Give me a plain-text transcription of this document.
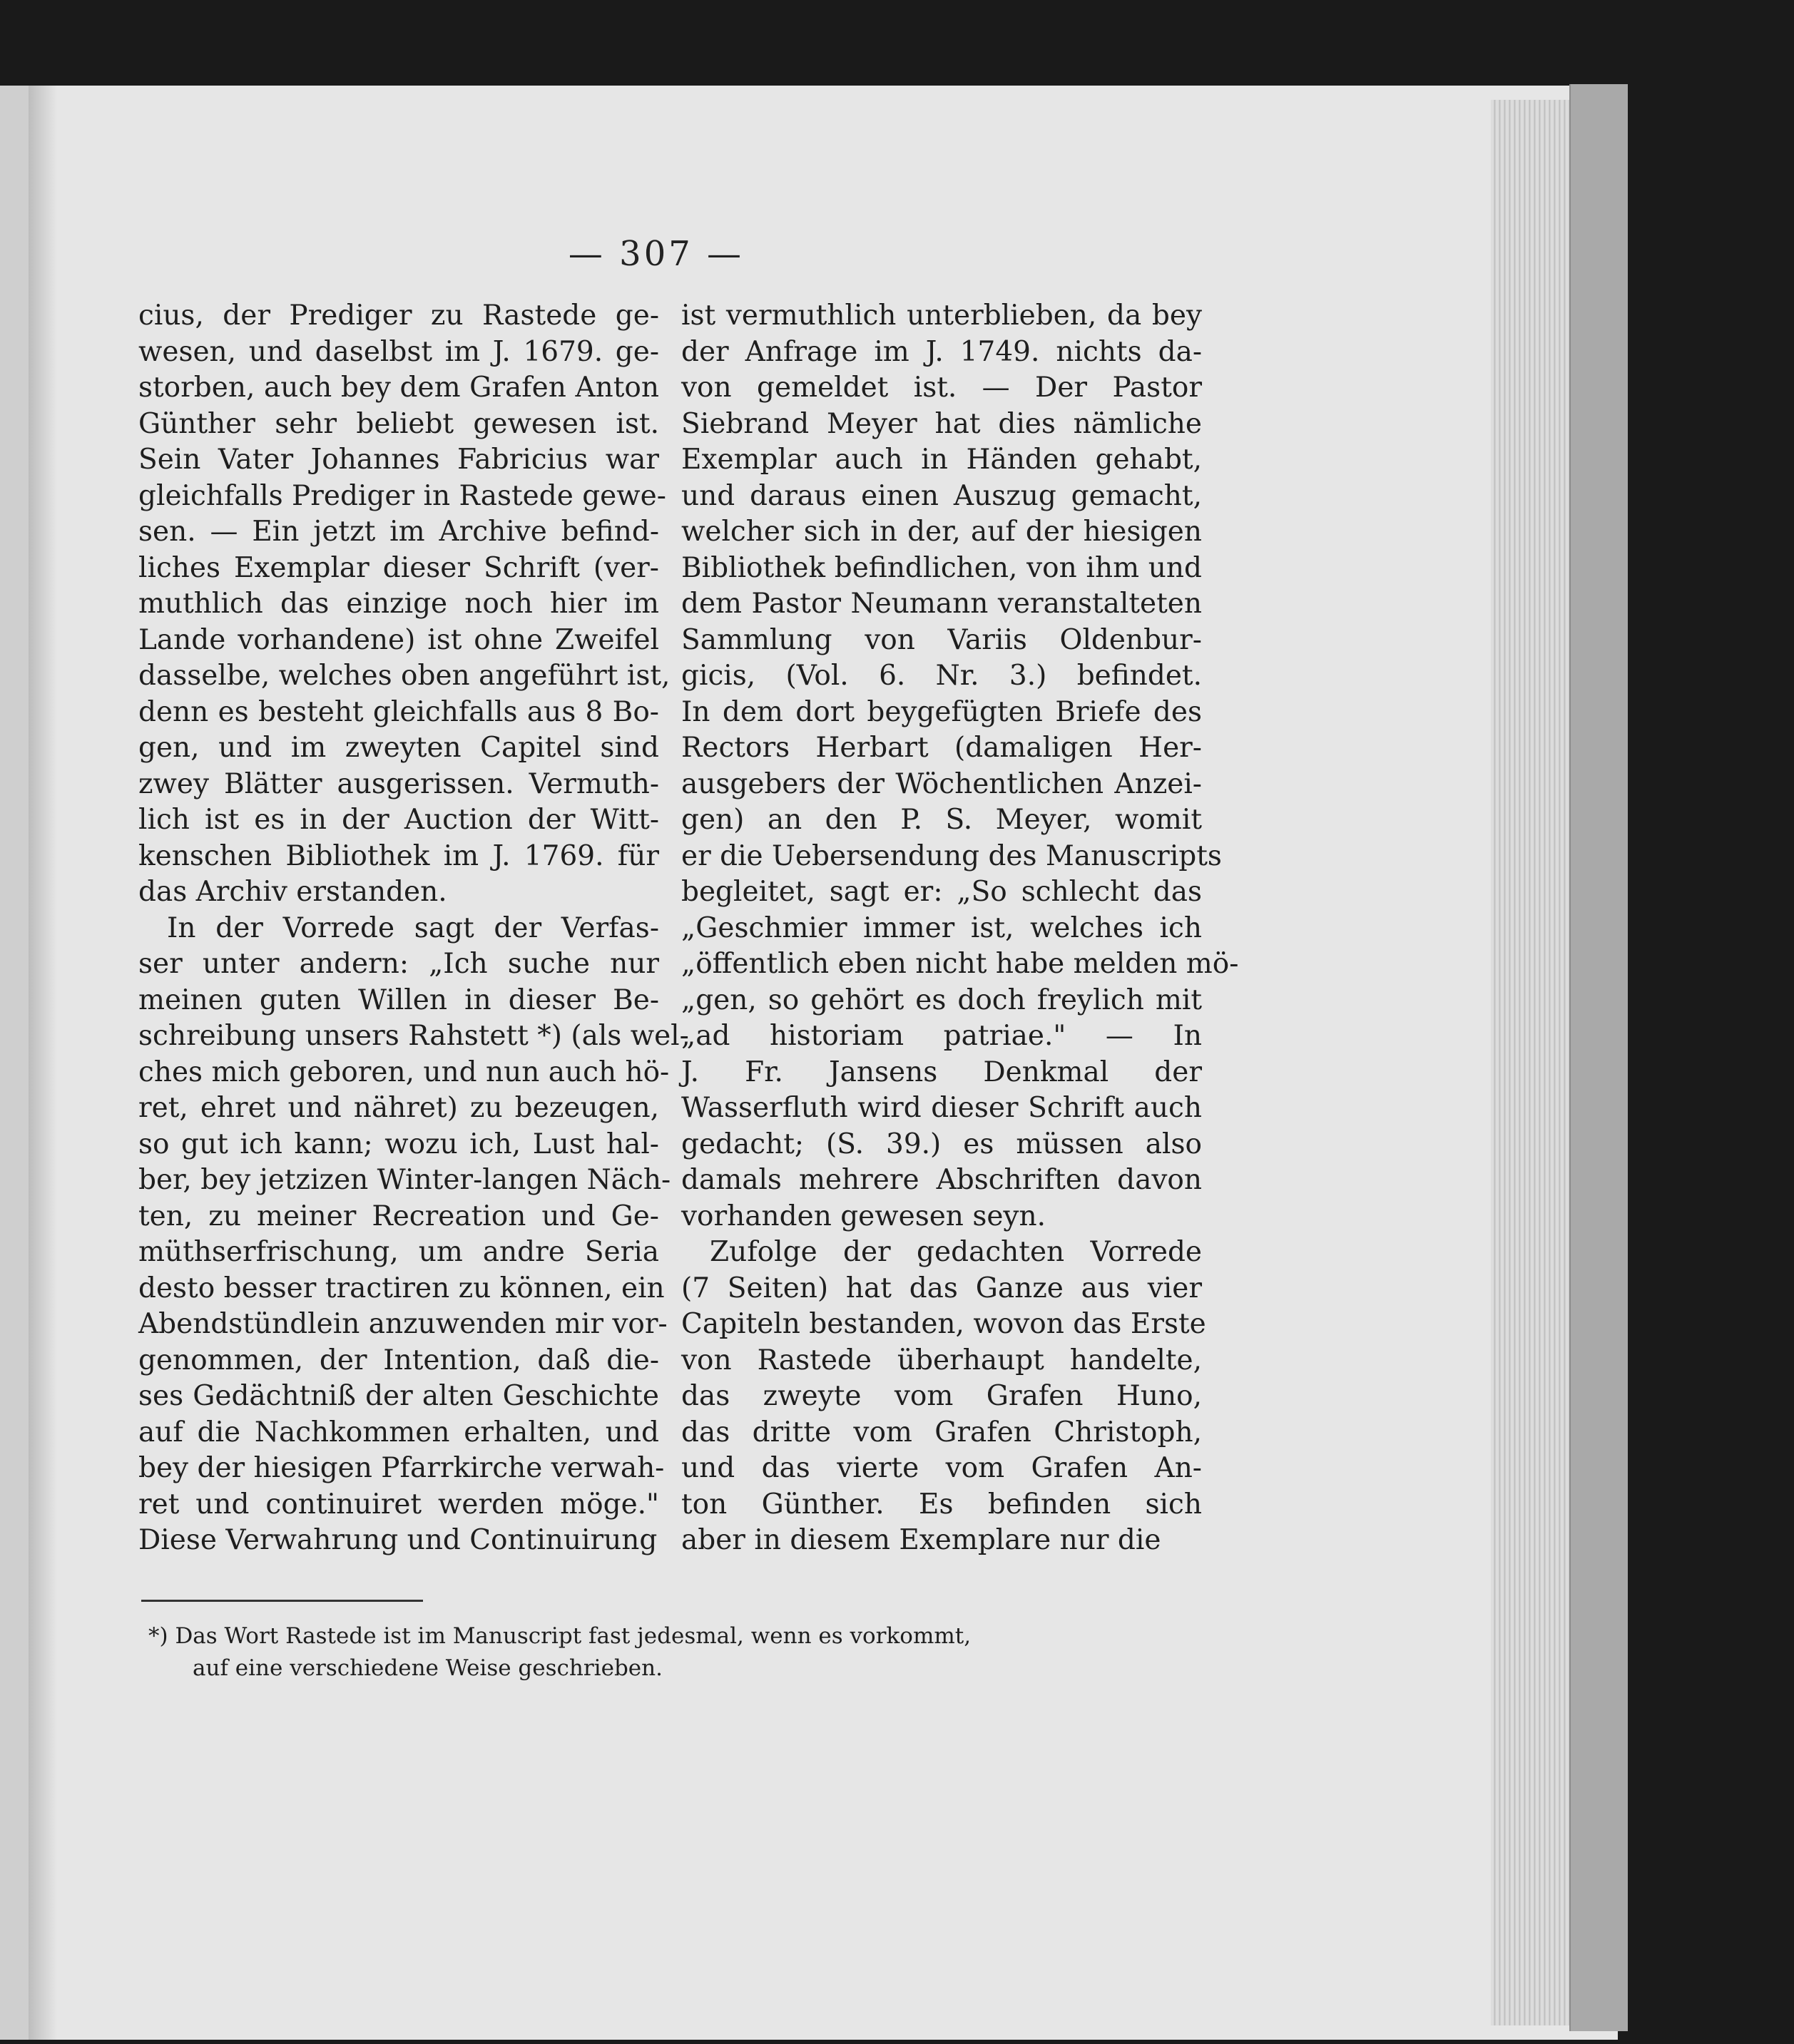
— 307 —
cius, der Prediger zu Rastede ge-
wesen, und daselbst im J. 1679. ge-
storben, auch bey dem Grafen Anton
Günther sehr beliebt gewesen ist.
Sein Vater Johannes Fabricius war
gleichfalls Prediger in Rastede gewe-
sen. — Ein jetzt im Archive befind-
liches Exemplar dieser Schrift (ver-
muthlich das einzige noch hier im
Lande vorhandene) ist ohne Zweifel
dasselbe, welches oben angeführt ist,
denn es besteht gleichfalls aus 8 Bo-
gen, und im zweyten Capitel sind
zwey Blätter ausgerissen. Vermuth-
lich ist es in der Auction der Witt-
kenschen Bibliothek im J. 1769. für
das Archiv erstanden.
In der Vorrede sagt der Verfas-
ser unter andern: „Ich suche nur
meinen guten Willen in dieser Be-
schreibung unsers Rahstett *) (als wel-
ches mich geboren, und nun auch hö-
ret, ehret und nähret) zu bezeugen,
so gut ich kann; wozu ich, Lust hal-
ber, bey jetzizen Winter-langen Näch-
ten, zu meiner Recreation und Ge-
müthserfrischung, um andre Seria
desto besser tractiren zu können, ein
Abendstündlein anzuwenden mir vor-
genommen, der Intention, daß die-
ses Gedächtniß der alten Geschichte
auf die Nachkommen erhalten, und
bey der hiesigen Pfarrkirche verwah-
ret und continuiret werden möge."
Diese Verwahrung und Continuirung
ist vermuthlich unterblieben, da bey
der Anfrage im J. 1749. nichts da-
von gemeldet ist. — Der Pastor
Siebrand Meyer hat dies nämliche
Exemplar auch in Händen gehabt,
und daraus einen Auszug gemacht,
welcher sich in der, auf der hiesigen
Bibliothek befindlichen, von ihm und
dem Pastor Neumann veranstalteten
Sammlung von Variis Oldenbur-
gicis, (Vol. 6. Nr. 3.) befindet.
In dem dort beygefügten Briefe des
Rectors Herbart (damaligen Her-
ausgebers der Wöchentlichen Anzei-
gen) an den P. S. Meyer, womit
er die Uebersendung des Manuscripts
begleitet, sagt er: „So schlecht das
„Geschmier immer ist, welches ich
„öffentlich eben nicht habe melden mö-
„gen, so gehört es doch freylich mit
„ad historiam patriae." — In
J. Fr. Jansens Denkmal der
Wasserfluth wird dieser Schrift auch
gedacht; (S. 39.) es müssen also
damals mehrere Abschriften davon
vorhanden gewesen seyn.
Zufolge der gedachten Vorrede
(7 Seiten) hat das Ganze aus vier
Capiteln bestanden, wovon das Erste
von Rastede überhaupt handelte,
das zweyte vom Grafen Huno,
das dritte vom Grafen Christoph,
und das vierte vom Grafen An-
ton Günther. Es befinden sich
aber in diesem Exemplare nur die
*) Das Wort Rastede ist im Manuscript fast jedesmal, wenn es vorkommt,
auf eine verschiedene Weise geschrieben.
